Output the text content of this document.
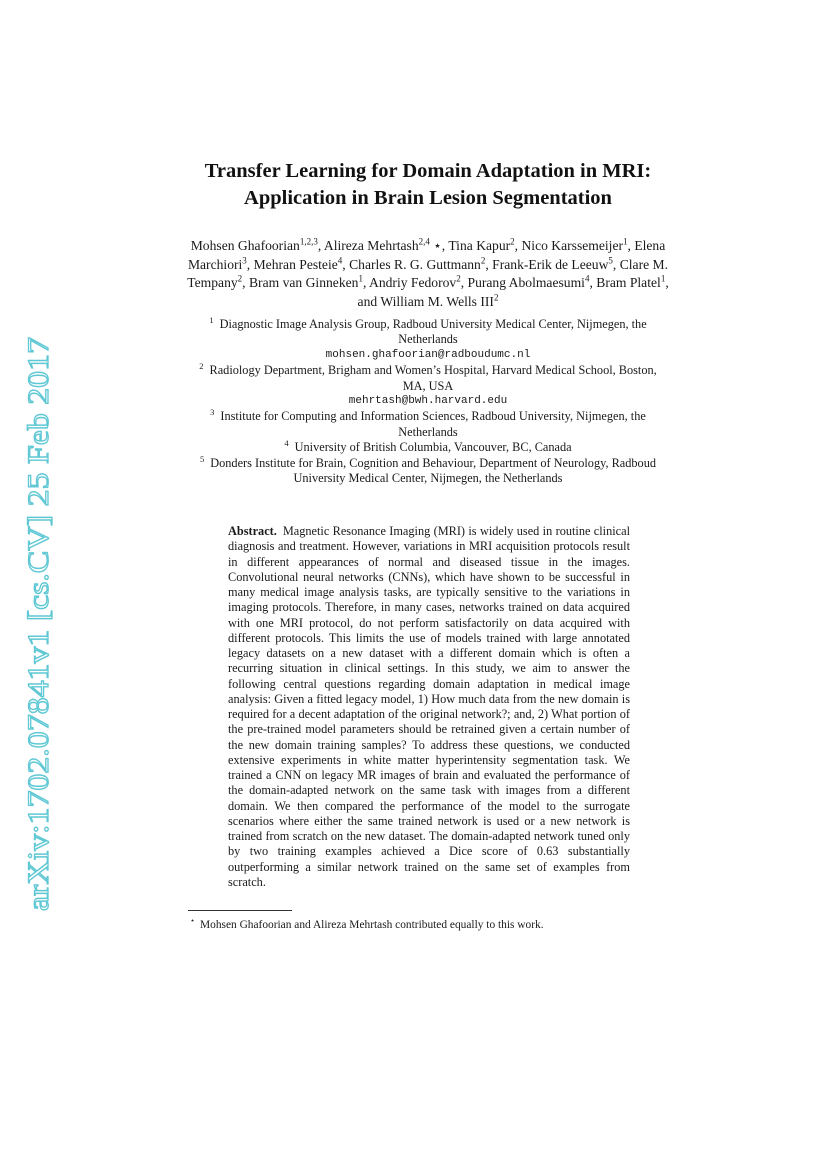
arXiv:1702.07841v1 [cs.CV] 25 Feb 2017
Transfer Learning for Domain Adaptation in MRI: Application in Brain Lesion Segmentation
Mohsen Ghafoorian$^{1,2,3}$, Alireza Mehrtash$^{2,4}$ ⋆, Tina Kapur$^2$, Nico Karssemeijer$^1$, Elena Marchiori$^3$, Mehran Pesteie$^4$, Charles R. G. Guttmann$^2$, Frank-Erik de Leeuw$^5$, Clare M. Tempany$^2$, Bram van Ginneken$^1$, Andriy Fedorov$^2$, Purang Abolmaesumi$^4$, Bram Platel$^1$, and William M. Wells III$^2$
$^1$ Diagnostic Image Analysis Group, Radboud University Medical Center, Nijmegen, the Netherlands
mohsen.ghafoorian@radboudumc.nl
$^2$ Radiology Department, Brigham and Women’s Hospital, Harvard Medical School, Boston, MA, USA
mehrtash@bwh.harvard.edu
$^3$ Institute for Computing and Information Sciences, Radboud University, Nijmegen, the Netherlands
$^4$ University of British Columbia, Vancouver, BC, Canada
$^5$ Donders Institute for Brain, Cognition and Behaviour, Department of Neurology, Radboud University Medical Center, Nijmegen, the Netherlands
Abstract. Magnetic Resonance Imaging (MRI) is widely used in routine clinical diagnosis and treatment. However, variations in MRI acquisition protocols result in different appearances of normal and diseased tissue in the images. Convolutional neural networks (CNNs), which have shown to be successful in many medical image analysis tasks, are typically sensitive to the variations in imaging protocols. Therefore, in many cases, networks trained on data acquired with one MRI protocol, do not perform satisfactorily on data acquired with different protocols. This limits the use of models trained with large annotated legacy datasets on a new dataset with a different domain which is often a recurring situation in clinical settings. In this study, we aim to answer the following central questions regarding domain adaptation in medical image analysis: Given a fitted legacy model, 1) How much data from the new domain is required for a decent adaptation of the original network?; and, 2) What portion of the pre-trained model parameters should be retrained given a certain number of the new domain training samples? To address these questions, we conducted extensive experiments in white matter hyperintensity segmentation task. We trained a CNN on legacy MR images of brain and evaluated the performance of the domain-adapted network on the same task with images from a different domain. We then compared the performance of the model to the surrogate scenarios where either the same trained network is used or a new network is trained from scratch on the new dataset. The domain-adapted network tuned only by two training examples achieved a Dice score of 0.63 substantially outperforming a similar network trained on the same set of examples from scratch.
⋆ Mohsen Ghafoorian and Alireza Mehrtash contributed equally to this work.
